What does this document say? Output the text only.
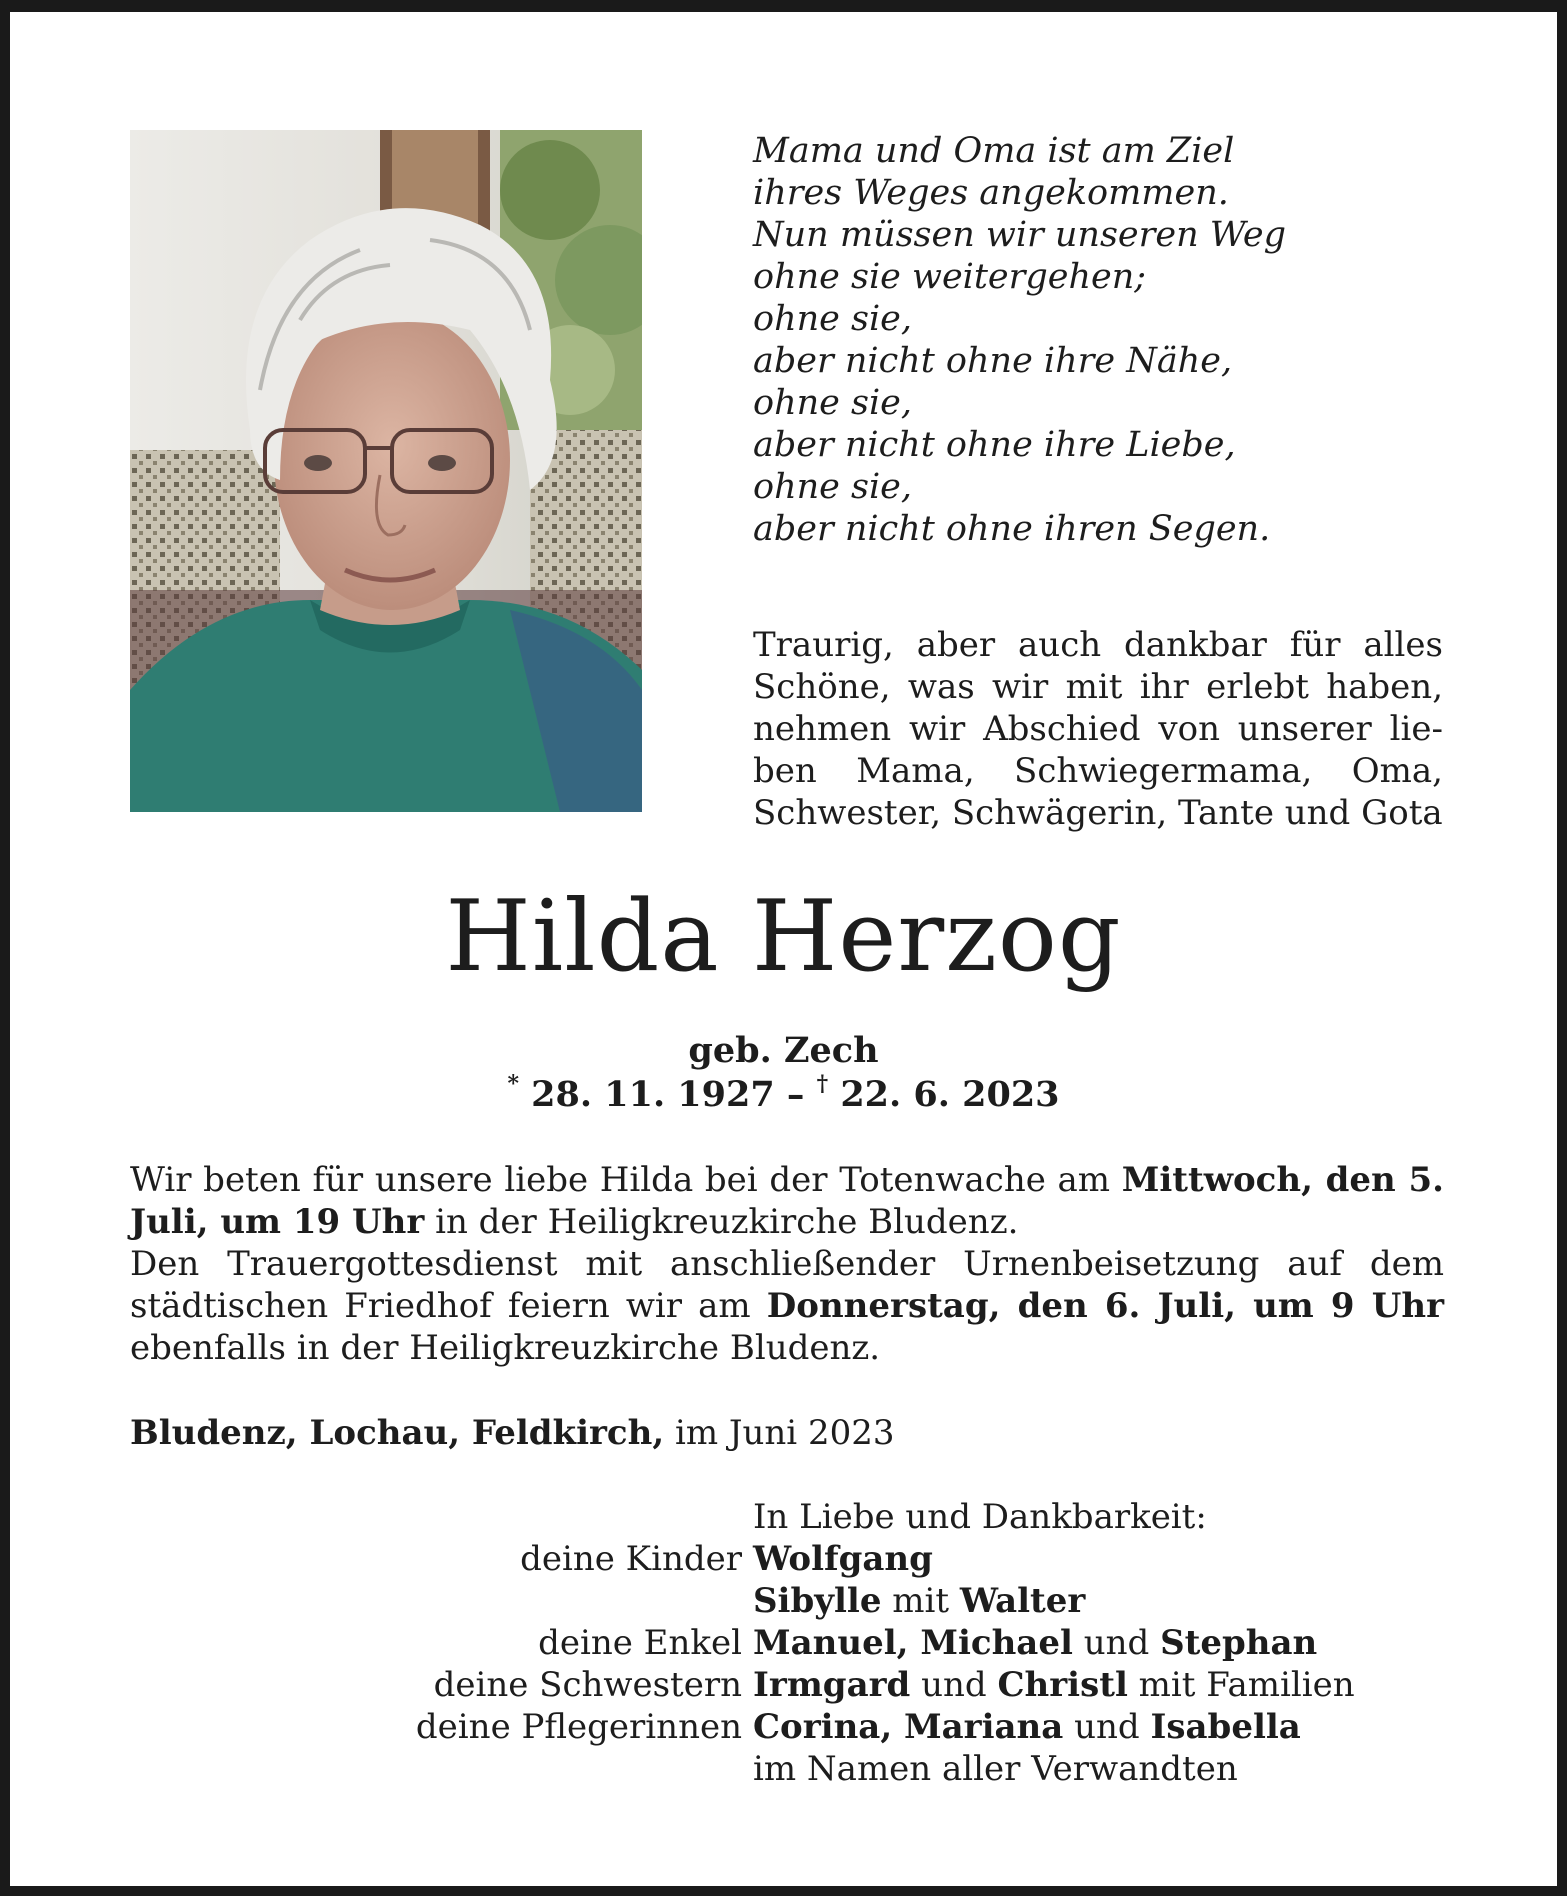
Mama und Oma ist am Ziel
ihres Weges angekommen.
Nun müssen wir unseren Weg
ohne sie weitergehen;
ohne sie,
aber nicht ohne ihre Nähe,
ohne sie,
aber nicht ohne ihre Liebe,
ohne sie,
aber nicht ohne ihren Segen.
Traurig, aber auch dankbar für alles Schöne, was wir mit ihr erlebt haben, nehmen wir Abschied von unserer lieben Mama, Schwiegermama, Oma, Schwester, Schwägerin, Tante und Gota
Hilda Herzog
geb. Zech
* 28. 11. 1927 – † 22. 6. 2023

Wir beten für unsere liebe Hilda bei der Totenwache am Mittwoch, den 5. Juli, um 19 Uhr in der Heiligkreuzkirche Bludenz.

Den Trauergottesdienst mit anschließender Urnenbeisetzung auf dem städtischen Friedhof feiern wir am Donnerstag, den 6. Juli, um 9 Uhr ebenfalls in der Heiligkreuzkirche Bludenz.

Bludenz, Lochau, Feldkirch, im Juni 2023
In Liebe und Dankbarkeit:
deine Kinder Wolfgang
Sibylle mit Walter
deine Enkel Manuel, Michael und Stephan
deine Schwestern Irmgard und Christl mit Familien
deine Pflegerinnen Corina, Mariana und Isabella
im Namen aller Verwandten
